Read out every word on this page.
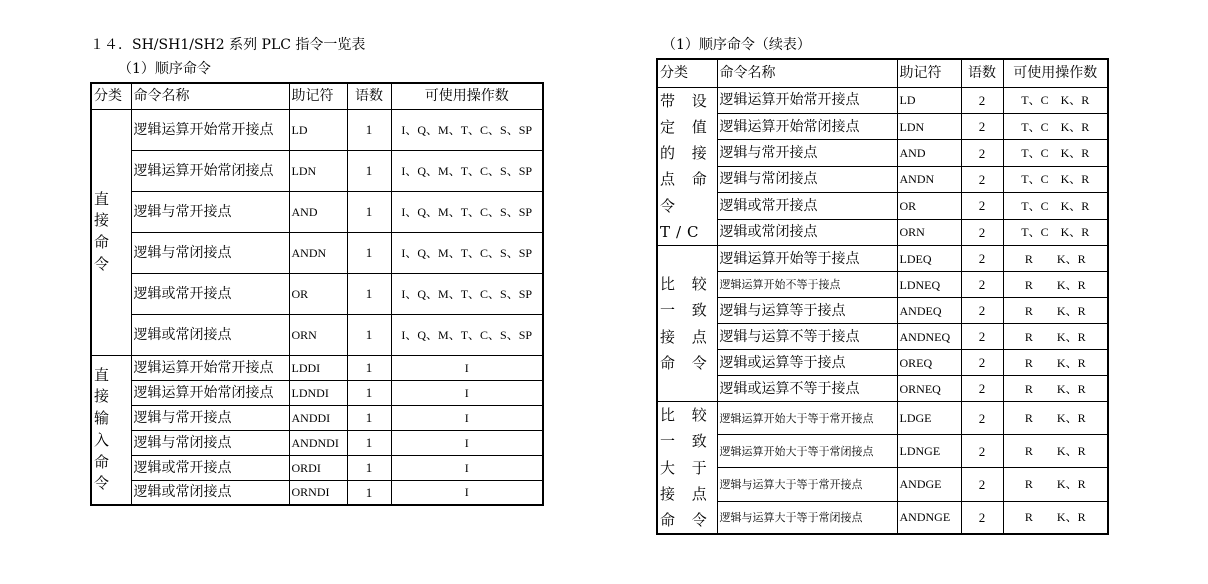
１４．SH/SH1/SH2 系列 PLC 指令一览表
（1）顺序命令
（1）顺序命令（续表）
分类	命令名称	助记符	语数	可使用操作数
直 接
命 令	逻辑运算开始常开接点	LD	1	I、Q、M、T、C、S、SP
	逻辑运算开始常闭接点	LDN	1	I、Q、M、T、C、S、SP
	逻辑与常开接点	AND	1	I、Q、M、T、C、S、SP
	逻辑与常闭接点	ANDN	1	I、Q、M、T、C、S、SP
	逻辑或常开接点	OR	1	I、Q、M、T、C、S、SP
	逻辑或常闭接点	ORN	1	I、Q、M、T、C、S、SP
直 接
输 入
命 令	逻辑运算开始常开接点	LDDI	1	I
	逻辑运算开始常闭接点	LDNDI	1	I
	逻辑与常开接点	ANDDI	1	I
	逻辑与常闭接点	ANDNDI	1	I
	逻辑或常开接点	ORDI	1	I
	逻辑或常闭接点	ORNDI	1	I
分类	命令名称	助记符	语数	可使用操作数
带 设 定 值 的 接 点 命 令 T/C	逻辑运算开始常开接点	LD	2	T、C    K、R
	逻辑运算开始常闭接点	LDN	2	T、C    K、R
	逻辑与常开接点	AND	2	T、C    K、R
	逻辑与常闭接点	ANDN	2	T、C    K、R
	逻辑或常开接点	OR	2	T、C    K、R
	逻辑或常闭接点	ORN	2	T、C    K、R
比 较 一 致 接 点 命 令	逻辑运算开始等于接点	LDEQ	2	R        K、R
	逻辑运算开始不等于接点	LDNEQ	2	R        K、R
	逻辑与运算等于接点	ANDEQ	2	R        K、R
	逻辑与运算不等于接点	ANDNEQ	2	R        K、R
	逻辑或运算等于接点	OREQ	2	R        K、R
	逻辑或运算不等于接点	ORNEQ	2	R        K、R
比 较 一 致 大 于 接 点 命 令	逻辑运算开始大于等于常开接点	LDGE	2	R        K、R
	逻辑运算开始大于等于常闭接点	LDNGE	2	R        K、R
	逻辑与运算大于等于常开接点	ANDGE	2	R        K、R
	逻辑与运算大于等于常闭接点	ANDNGE	2	R        K、R
